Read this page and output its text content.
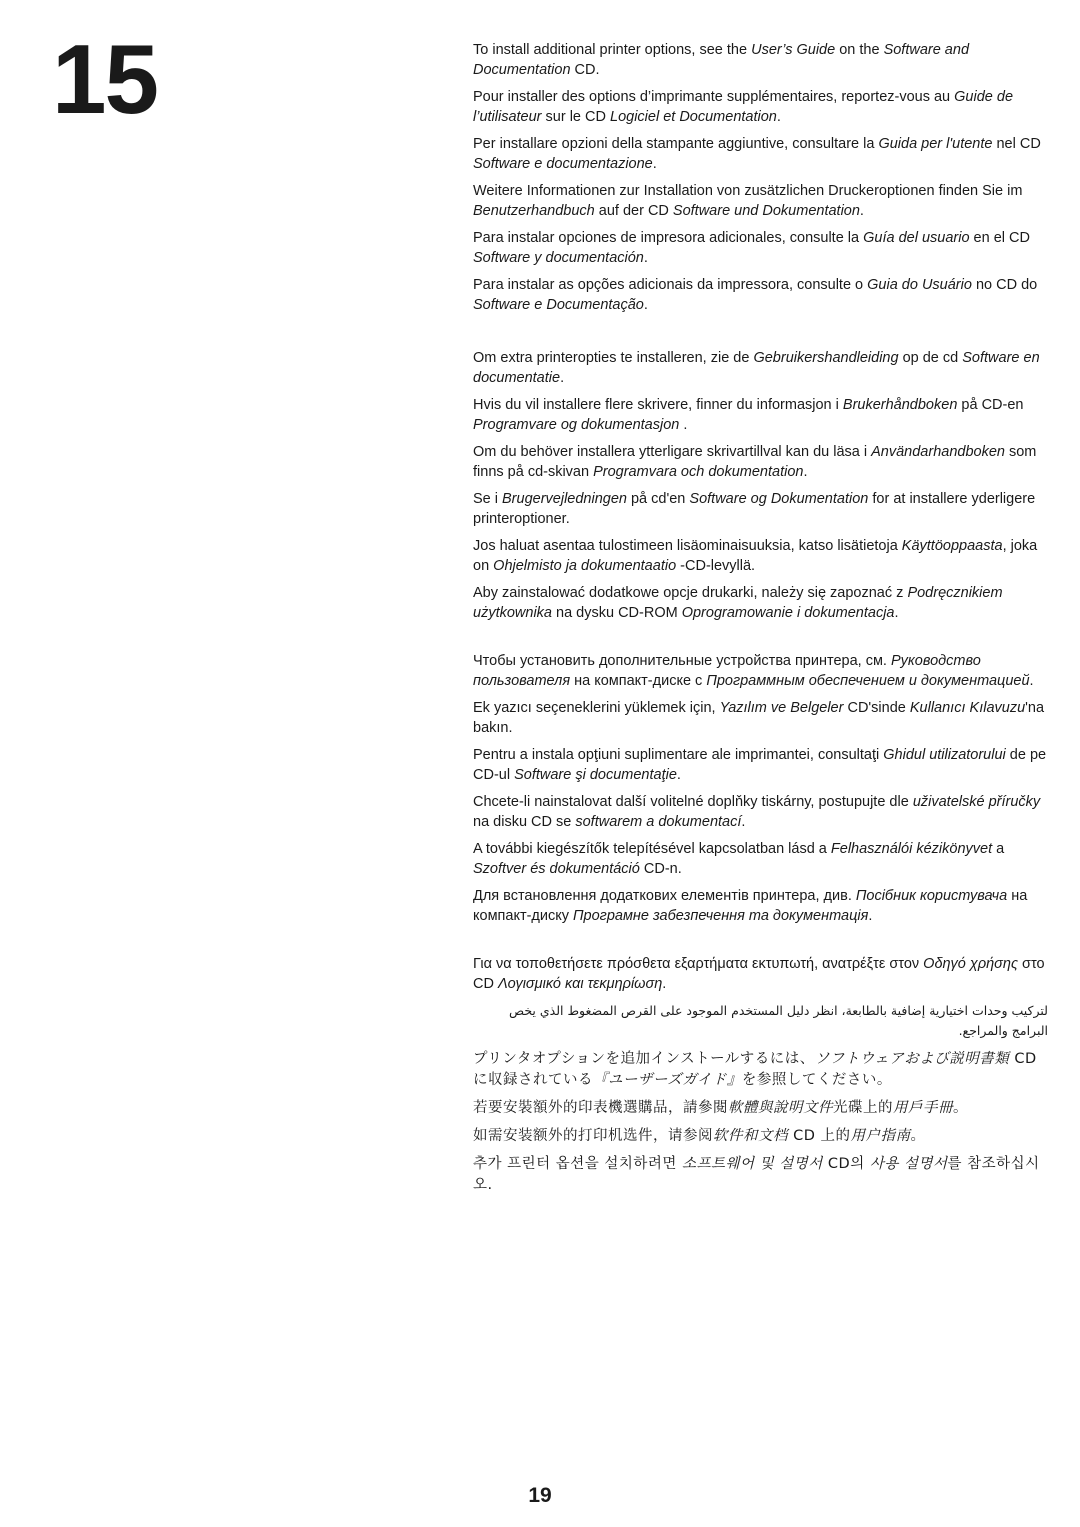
15	To install additional printer options, see the User’s Guide on the Software and Documentation CD.

Pour installer des options d’imprimante supplémentaires, reportez-vous au Guide de l’utilisateur sur le CD Logiciel et Documentation.

Per installare opzioni della stampante aggiuntive, consultare la Guida per l'utente nel CD Software e documentazione.

Weitere Informationen zur Installation von zusätzlichen Druckeroptionen finden Sie im Benutzerhandbuch auf der CD Software und Dokumentation.

Para instalar opciones de impresora adicionales, consulte la Guía del usuario en el CD Software y documentación.

Para instalar as opções adicionais da impressora, consulte o Guia do Usuário no CD do Software e Documentação.

Om extra printeropties te installeren, zie de Gebruikershandleiding op de cd Software en documentatie.

Hvis du vil installere flere skrivere, finner du informasjon i Brukerhåndboken på CD-en Programvare og dokumentasjon .

Om du behöver installera ytterligare skrivartillval kan du läsa i Användarhandboken som finns på cd-skivan Programvara och dokumentation.

Se i Brugervejledningen på cd'en Software og Dokumentation for at installere yderligere printeroptioner.

Jos haluat asentaa tulostimeen lisäominaisuuksia, katso lisätietoja Käyttöoppaasta, joka on Ohjelmisto ja dokumentaatio -CD-levyllä.

Aby zainstalować dodatkowe opcje drukarki, należy się zapoznać z Podręcznikiem użytkownika na dysku CD-ROM Oprogramowanie i dokumentacja.

Чтобы установить дополнительные устройства принтера, см. Руководство пользователя на компакт-диске с Программным обеспечением и документацией.

Ek yazıcı seçeneklerini yüklemek için, Yazılım ve Belgeler CD'sinde Kullanıcı Kılavuzu'na bakın.

Pentru a instala opţiuni suplimentare ale imprimantei, consultaţi Ghidul utilizatorului de pe CD-ul Software şi documentaţie.

Chcete-li nainstalovat další volitelné doplňky tiskárny, postupujte dle uživatelské příručky na disku CD se softwarem a dokumentací.

A további kiegészítők telepítésével kapcsolatban lásd a Felhasználói kézikönyvet a Szoftver és dokumentáció CD-n.

Для встановлення додаткових елементів принтера, див. Посібник користувача на компакт-диску Програмне забезпечення та документація.

Για να τοποθετήσετε πρόσθετα εξαρτήματα εκτυπωτή, ανατρέξτε στον Οδηγό χρήσης στο CD Λογισμικό και τεκμηρίωση.

لتركيب وحدات اختيارية إضافية بالطابعة، انظر دليل المستخدم الموجود على القرص المضغوط الذي يخص البرامج والمراجع.

プリンタオプションを追加インストールするには、ソフトウェアおよび説明書類 CD に収録されている『ユーザーズガイド』を参照してください。

若要安裝額外的印表機選購品，請參閱軟體與說明文件光碟上的用戶手冊。

如需安装额外的打印机选件，请参阅软件和文档 CD 上的用户指南。

추가 프린터 옵션을 설치하려면 소프트웨어 및 설명서 CD의 사용 설명서를 참조하십시오.

19
